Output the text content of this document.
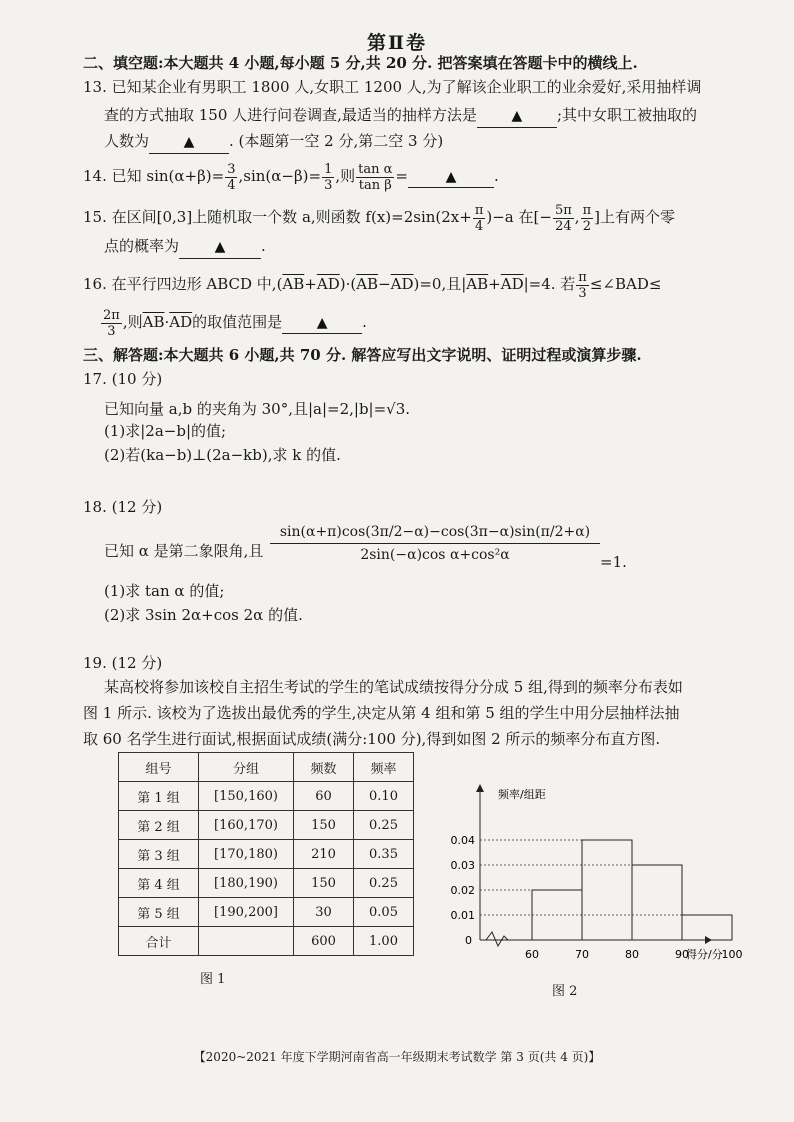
第Ⅱ卷
二、填空题:本大题共 4 小题,每小题 5 分,共 20 分. 把答案填在答题卡中的横线上.
13. 已知某企业有男职工 1800 人,女职工 1200 人,为了解该企业职工的业余爱好,采用抽样调
查的方式抽取 150 人进行问卷调查,最适当的抽样方法是 ▲ ;其中女职工被抽取的
人数为 ▲ . (本题第一空 2 分,第二空 3 分)
14. 已知 $\sin(\alpha+\beta)= \frac{3}{4} ,\sin(\alpha-\beta)= \frac{1}{3}$ ,则 $\frac{\text{tan α}}{\text{tan β}}$ =	▲	.
15. 在区间[0,3]上随机取一个数 a,则函数 $f(x)=2\sin(2x+ \frac{\pi}{4} )-a$ 在[− $\frac{5\pi}{24}$ , $\frac{\pi}{2}$ ]上有两个零
点的概率为	▲ .
16. 在平行四边形 ABCD 中$,(\overline{AB}+\overline{AD})\cdot(\overline{AB}-\overline{AD})=0$,且$|\overline{AB}+\overline{AD}|=4$. 若 $\frac{\pi}{3}$ ≤∠BAD≤
$\frac{2\pi}{3}$ ,则$\overline{AB}\cdot\overline{AD}$的取值范围是 ▲ .
三、解答题:本大题共 6 小题,共 70 分. 解答应写出文字说明、证明过程或演算步骤.
17. (10 分)
已知向量 a,b 的夹角为 30°,且|a|=2,|b|=√3.
(1)求|2a−b|的值;
(2)若(ka−b)⊥(2a−kb),求 k 的值.
18. (12 分)
已知 α 是第二象限角,且 $\frac{\sin(\alpha+\pi)\cos(3\pi/2-\alpha)-\cos(3\pi-\alpha)\sin(\pi/2+\alpha)}{\text{2sin(−α)cos α+cos²α}} =1$.
(1)求 tan α 的值;
(2)求 3sin 2α+cos 2α 的值.
19. (12 分)
某高校将参加该校自主招生考试的学生的笔试成绩按得分分成 5 组,得到的频率分布表如
图 1 所示. 该校为了选拔出最优秀的学生,决定从第 4 组和第 5 组的学生中用分层抽样法抽
取 60 名学生进行面试,根据面试成绩(满分:100 分),得到如图 2 所示的频率分布直方图.
组号	分组	频数	频率
第 1 组	[150,160)	60	0.10
第 2 组	[160,170)	150	0.25
第 3 组	[170,180)	210	0.35
第 4 组	[180,190)	150	0.25
第 5 组	[190,200]	30	0.05
合计		600	1.00
图 1
0.01
0.02
0.03
0.04
0
60	70	80	90	100
频率/组距
得分/分
图 2
【2020~2021 年度下学期河南省高一年级期末考试数学 第 3 页(共 4 页)】
